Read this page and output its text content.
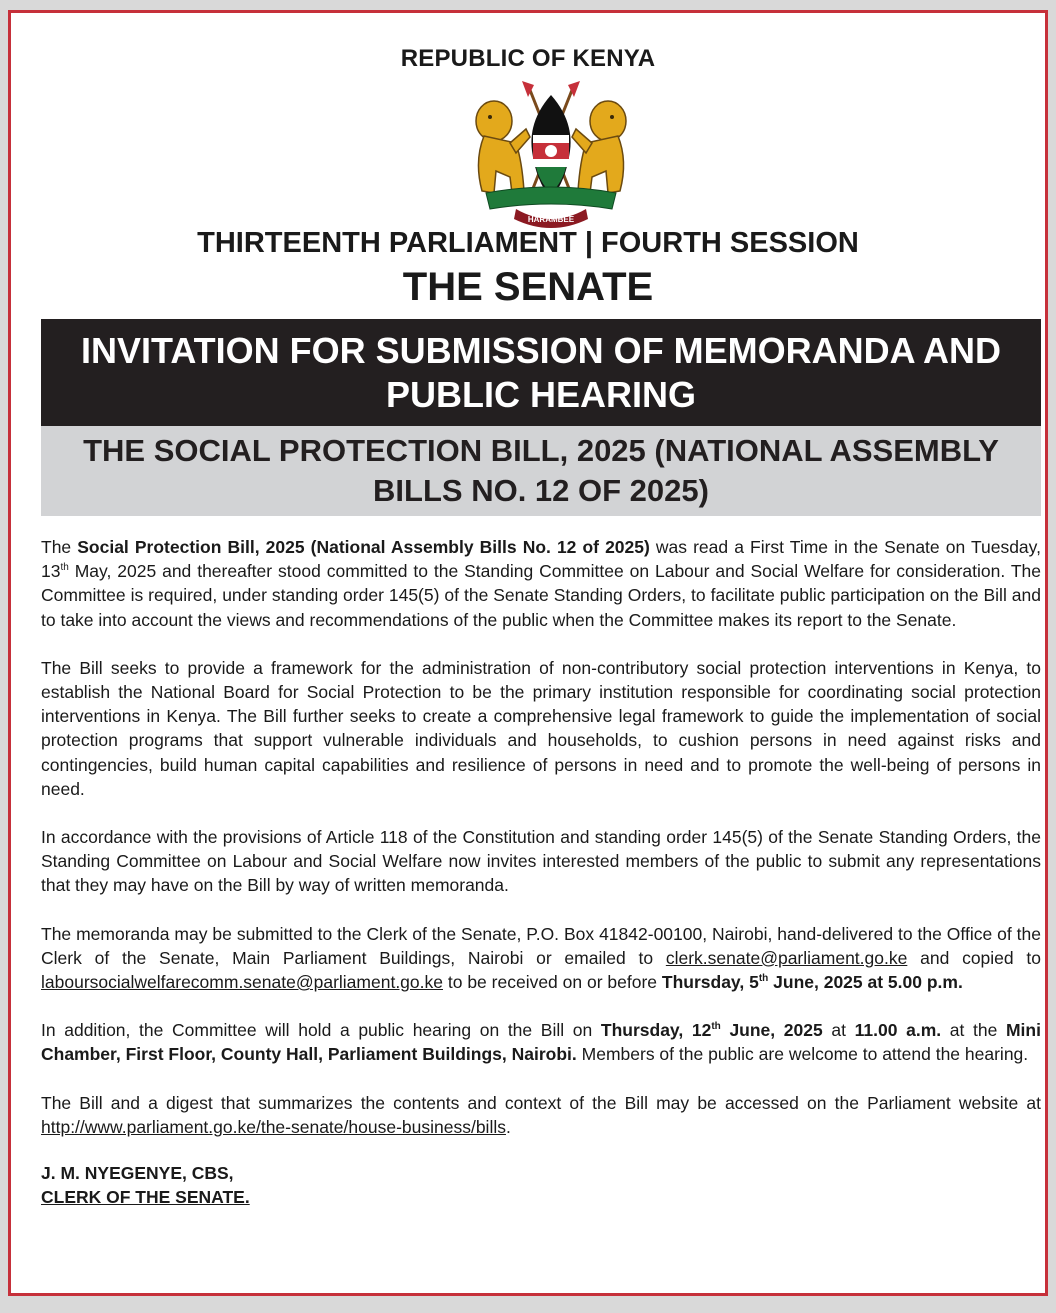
REPUBLIC OF KENYA
HARAMBEE
THIRTEENTH PARLIAMENT | FOURTH SESSION
THE SENATE
INVITATION FOR SUBMISSION OF MEMORANDA AND PUBLIC HEARING
THE SOCIAL PROTECTION BILL, 2025 (NATIONAL ASSEMBLY BILLS NO. 12 OF 2025)

The Social Protection Bill, 2025 (National Assembly Bills No. 12 of 2025) was read a First Time in the Senate on Tuesday, 13th May, 2025 and thereafter stood committed to the Standing Committee on Labour and Social Welfare for consideration. The Committee is required, under standing order 145(5) of the Senate Standing Orders, to facilitate public participation on the Bill and to take into account the views and recommendations of the public when the Committee makes its report to the Senate.

The Bill seeks to provide a framework for the administration of non-contributory social protection interventions in Kenya, to establish the National Board for Social Protection to be the primary institution responsible for coordinating social protection interventions in Kenya. The Bill further seeks to create a comprehensive legal framework to guide the implementation of social protection programs that support vulnerable individuals and households, to cushion persons in need against risks and contingencies, build human capital capabilities and resilience of persons in need and to promote the well-being of persons in need.

In accordance with the provisions of Article 118 of the Constitution and standing order 145(5) of the Senate Standing Orders, the Standing Committee on Labour and Social Welfare now invites interested members of the public to submit any representations that they may have on the Bill by way of written memoranda.

The memoranda may be submitted to the Clerk of the Senate, P.O. Box 41842-00100, Nairobi, hand-delivered to the Office of the Clerk of the Senate, Main Parliament Buildings, Nairobi or emailed to clerk.senate@parliament.go.ke and copied to laboursocialwelfarecomm.senate@parliament.go.ke to be received on or before Thursday, 5th June, 2025 at 5.00 p.m.

In addition, the Committee will hold a public hearing on the Bill on Thursday, 12th June, 2025 at 11.00 a.m. at the Mini Chamber, First Floor, County Hall, Parliament Buildings, Nairobi. Members of the public are welcome to attend the hearing.

The Bill and a digest that summarizes the contents and context of the Bill may be accessed on the Parliament website at http://www.parliament.go.ke/the-senate/house-business/bills.

J. M. NYEGENYE, CBS,
CLERK OF THE SENATE.
